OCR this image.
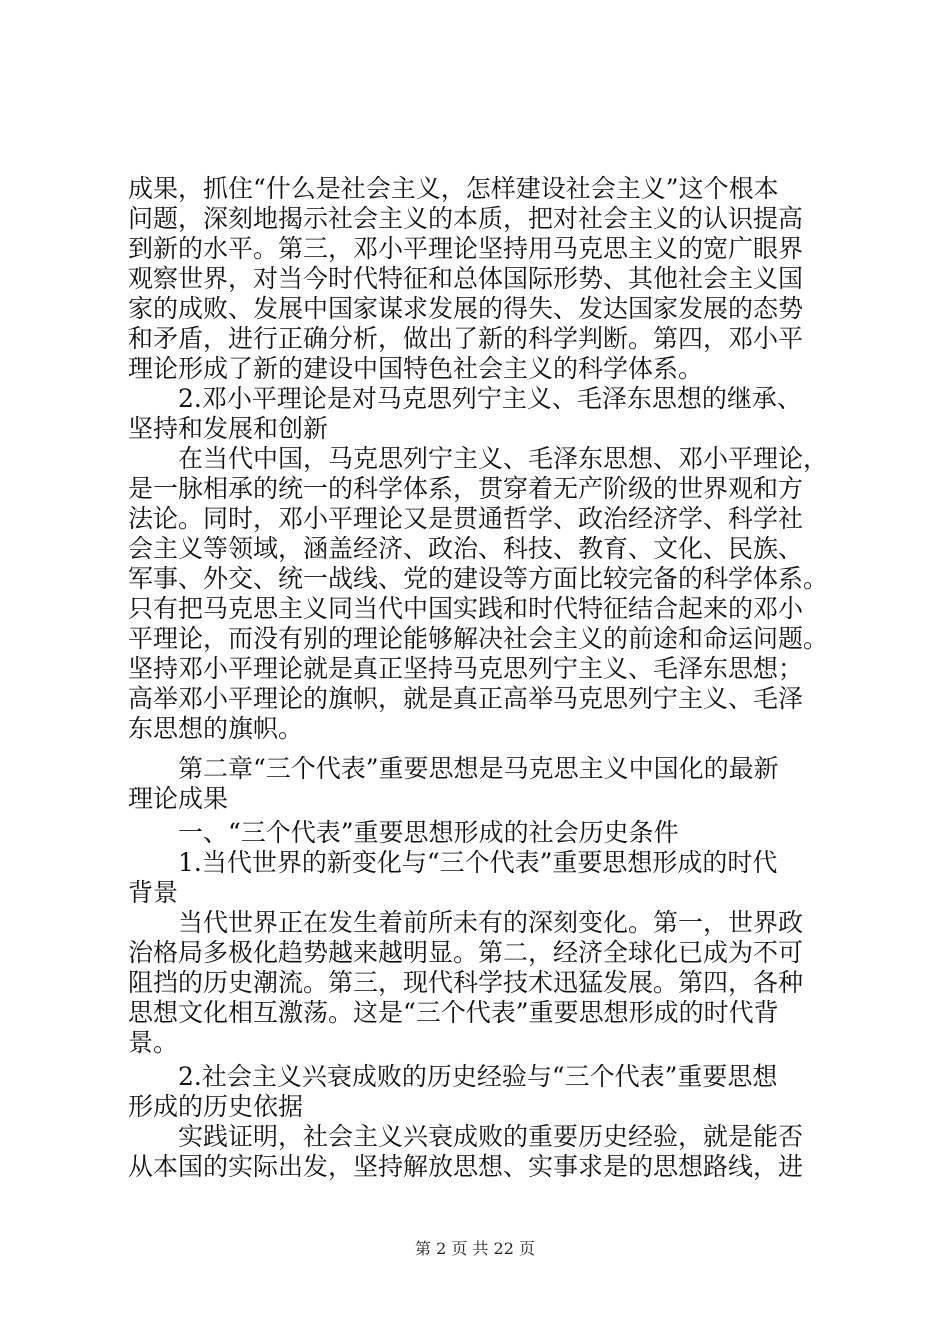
成果，抓住“什么是社会主义，怎样建设社会主义”这个根本
问题，深刻地揭示社会主义的本质，把对社会主义的认识提高
到新的水平。第三，邓小平理论坚持用马克思主义的宽广眼界
观察世界，对当今时代特征和总体国际形势、其他社会主义国
家的成败、发展中国家谋求发展的得失、发达国家发展的态势
和矛盾，进行正确分析，做出了新的科学判断。第四，邓小平
理论形成了新的建设中国特色社会主义的科学体系。
2.邓小平理论是对马克思列宁主义、毛泽东思想的继承、
坚持和发展和创新
在当代中国，马克思列宁主义、毛泽东思想、邓小平理论，
是一脉相承的统一的科学体系，贯穿着无产阶级的世界观和方
法论。同时，邓小平理论又是贯通哲学、政治经济学、科学社
会主义等领域，涵盖经济、政治、科技、教育、文化、民族、
军事、外交、统一战线、党的建设等方面比较完备的科学体系。
只有把马克思主义同当代中国实践和时代特征结合起来的邓小
平理论，而没有别的理论能够解决社会主义的前途和命运问题。
坚持邓小平理论就是真正坚持马克思列宁主义、毛泽东思想；
高举邓小平理论的旗帜，就是真正高举马克思列宁主义、毛泽
东思想的旗帜。
第二章“三个代表”重要思想是马克思主义中国化的最新
理论成果
一、“三个代表”重要思想形成的社会历史条件
1.当代世界的新变化与“三个代表”重要思想形成的时代
背景
当代世界正在发生着前所未有的深刻变化。第一，世界政
治格局多极化趋势越来越明显。第二，经济全球化已成为不可
阻挡的历史潮流。第三，现代科学技术迅猛发展。第四，各种
思想文化相互激荡。这是“三个代表”重要思想形成的时代背
景。
2.社会主义兴衰成败的历史经验与“三个代表”重要思想
形成的历史依据
实践证明，社会主义兴衰成败的重要历史经验，就是能否
从本国的实际出发，坚持解放思想、实事求是的思想路线，进
第 2 页 共 22 页
